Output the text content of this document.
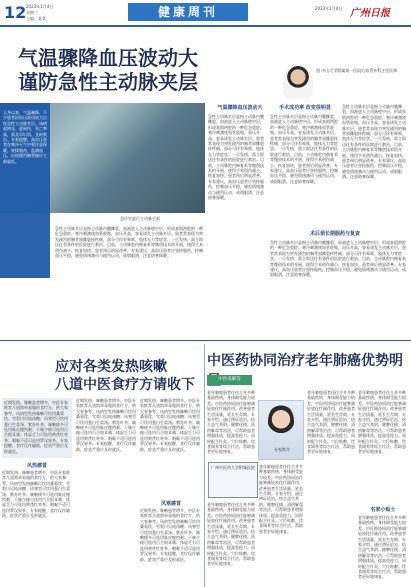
12 2023年1月4日
星期三
主编：某某	健康周刊	2023年1月4日 广州日报
气温骤降血压波动大
谨防急性主动脉夹层	图 中山大学附属第一医院心血管外科主任医师
入冬以来，气温骤降，不少患者因血压波动较大出现急性主动脉夹层。该病起病急、进展快、死亡率高，需及早识别、及时救治。专家提醒，高血压患者在寒冷天气中要注意保暖，规律服药，监测血压，出现剧烈胸背痛应立即就医。
急诊室进行主动脉手术
急性主动脉夹层是指主动脉内膜撕裂，血液进入主动脉壁中层，形成真假两腔的一种危急重症。寒冷刺激使血管收缩，血压升高，容易诱发主动脉夹层。患者常表现为突发剧烈的胸背部撕裂样疼痛，部分可伴有晕厥、肢体无力等症状。一旦发病，需立即送往有条件的医院进行救治。目前，主动脉腔内修复术等微创技术的开展，使得手术创伤减小、恢复加快，患者预后明显改善。专家建议，高血压患者应坚持服药，控制血压平稳，避免情绪激动与剧烈运动，戒烟限酒，注意防寒保暖。
气温骤降血压波动大
急性主动脉夹层是指主动脉内膜撕裂，血液进入主动脉壁中层，形成真假两腔的一种危急重症。寒冷刺激使血管收缩，血压升高，容易诱发主动脉夹层。患者常表现为突发剧烈的胸背部撕裂样疼痛，部分可伴有晕厥、肢体无力等症状。一旦发病，需立即送往有条件的医院进行救治。目前，主动脉腔内修复术等微创技术的开展，使得手术创伤减小、恢复加快，患者预后明显改善。专家建议，高血压患者应坚持服药，控制血压平稳，避免情绪激动与剧烈运动，戒烟限酒，注意防寒保暖。
手术成功率 改变很明显
急性主动脉夹层是指主动脉内膜撕裂，血液进入主动脉壁中层，形成真假两腔的一种危急重症。寒冷刺激使血管收缩，血压升高，容易诱发主动脉夹层。患者常表现为突发剧烈的胸背部撕裂样疼痛，部分可伴有晕厥、肢体无力等症状。一旦发病，需立即送往有条件的医院进行救治。目前，主动脉腔内修复术等微创技术的开展，使得手术创伤减小、恢复加快，患者预后明显改善。专家建议，高血压患者应坚持服药，控制血压平稳，避免情绪激动与剧烈运动，戒烟限酒，注意防寒保暖。
急性主动脉夹层是指主动脉内膜撕裂，血液进入主动脉壁中层，形成真假两腔的一种危急重症。寒冷刺激使血管收缩，血压升高，容易诱发主动脉夹层。患者常表现为突发剧烈的胸背部撕裂样疼痛，部分可伴有晕厥、肢体无力等症状。一旦发病，需立即送往有条件的医院进行救治。目前，主动脉腔内修复术等微创技术的开展，使得手术创伤减小、恢复加快，患者预后明显改善。专家建议，高血压患者应坚持服药，控制血压平稳，避免情绪激动与剧烈运动，戒烟限酒，注意防寒保暖。
术后须长期服药与复查
急性主动脉夹层是指主动脉内膜撕裂，血液进入主动脉壁中层，形成真假两腔的一种危急重症。寒冷刺激使血管收缩，血压升高，容易诱发主动脉夹层。患者常表现为突发剧烈的胸背部撕裂样疼痛，部分可伴有晕厥、肢体无力等症状。一旦发病，需立即送往有条件的医院进行救治。目前，主动脉腔内修复术等微创技术的开展，使得手术创伤减小、恢复加快，患者预后明显改善。专家建议，高血压患者应坚持服药，控制血压平稳，避免情绪激动与剧烈运动，戒烟限酒，注意防寒保暖。
应对各类发热咳嗽
八道中医食疗方请收下
近期发热、咳嗽患者增多，中医专家推荐几道简单易做的食疗方，供大家参考。风热型发热咳嗽可饮用桑菊饮、雪梨川贝炖冰糖；风寒型可饮用葱白生姜汤、紫苏叶茶；咳嗽痰多可选用陈皮瘦肉粥；干咳少痰可选用百合银耳羹；体虚乏力可选用黄芪红枣茶；咽喉不适可选用罗汉果茶。专家提醒，食疗仅作辅助，症状严重应及时就医。
风热感冒
近期发热、咳嗽患者增多，中医专家推荐几道简单易做的食疗方，供大家参考。风热型发热咳嗽可饮用桑菊饮、雪梨川贝炖冰糖；风寒型可饮用葱白生姜汤、紫苏叶茶；咳嗽痰多可选用陈皮瘦肉粥；干咳少痰可选用百合银耳羹；体虚乏力可选用黄芪红枣茶；咽喉不适可选用罗汉果茶。专家提醒，食疗仅作辅助，症状严重应及时就医。
近期发热、咳嗽患者增多，中医专家推荐几道简单易做的食疗方，供大家参考。风热型发热咳嗽可饮用桑菊饮、雪梨川贝炖冰糖；风寒型可饮用葱白生姜汤、紫苏叶茶；咳嗽痰多可选用陈皮瘦肉粥；干咳少痰可选用百合银耳羹；体虚乏力可选用黄芪红枣茶；咽喉不适可选用罗汉果茶。专家提醒，食疗仅作辅助，症状严重应及时就医。
风寒感冒
近期发热、咳嗽患者增多，中医专家推荐几道简单易做的食疗方，供大家参考。风热型发热咳嗽可饮用桑菊饮、雪梨川贝炖冰糖；风寒型可饮用葱白生姜汤、紫苏叶茶；咳嗽痰多可选用陈皮瘦肉粥；干咳少痰可选用百合银耳羹；体虚乏力可选用黄芪红枣茶；咽喉不适可选用罗汉果茶。专家提醒，食疗仅作辅助，症状严重应及时就医。
近期发热、咳嗽患者增多，中医专家推荐几道简单易做的食疗方，供大家参考。风热型发热咳嗽可饮用桑菊饮、雪梨川贝炖冰糖；风寒型可饮用葱白生姜汤、紫苏叶茶；咳嗽痰多可选用陈皮瘦肉粥；干咳少痰可选用百合银耳羹；体虚乏力可选用黄芪红枣茶；咽喉不适可选用罗汉果茶。专家提醒，食疗仅作辅助，症状严重应及时就医。
中医药协同治疗老年肺癌优势明
中医来解答
专家简介
老年肺癌患者往往合并多种基础疾病，身体耐受能力较差。中医药协同治疗能够减轻放化疗副作用，改善患者生活质量，延长生存期。专家介绍，通过辨证论治，结合益气养阴、健脾化痰、清热解毒等治法，可帮助患者增强体质，提高免疫力。同时配合针灸、穴位贴敷、饮食调养等综合疗法，帮助患者更好地康复。
广州中医药大学附属医院
老年肺癌患者往往合并多种基础疾病，身体耐受能力较差。中医药协同治疗能够减轻放化疗副作用，改善患者生活质量，延长生存期。专家介绍，通过辨证论治，结合益气养阴、健脾化痰、清热解毒等治法，可帮助患者增强体质，提高免疫力。同时配合针灸、穴位贴敷、饮食调养等综合疗法，帮助患者更好地康复。
老年肺癌患者往往合并多种基础疾病，身体耐受能力较差。中医药协同治疗能够减轻放化疗副作用，改善患者生活质量，延长生存期。专家介绍，通过辨证论治，结合益气养阴、健脾化痰、清热解毒等治法，可帮助患者增强体质，提高免疫力。同时配合针灸、穴位贴敷、饮食调养等综合疗法，帮助患者更好地康复。
老年肺癌患者往往合并多种基础疾病，身体耐受能力较差。中医药协同治疗能够减轻放化疗副作用，改善患者生活质量，延长生存期。专家介绍，通过辨证论治，结合益气养阴、健脾化痰、清热解毒等治法，可帮助患者增强体质，提高免疫力。同时配合针灸、穴位贴敷、饮食调养等综合疗法，帮助患者更好地康复。
名家小贴士
老年肺癌患者往往合并多种基础疾病，身体耐受能力较差。中医药协同治疗能够减轻放化疗副作用，改善患者生活质量，延长生存期。专家介绍，通过辨证论治，结合益气养阴、健脾化痰、清热解毒等治法，可帮助患者增强体质，提高免疫力。同时配合针灸、穴位贴敷、饮食调养等综合疗法，帮助患者更好地康复。
老年肺癌患者往往合并多种基础疾病，身体耐受能力较差。中医药协同治疗能够减轻放化疗副作用，改善患者生活质量，延长生存期。专家介绍，通过辨证论治，结合益气养阴、健脾化痰、清热解毒等治法，可帮助患者增强体质，提高免疫力。同时配合针灸、穴位贴敷、饮食调养等综合疗法，帮助患者更好地康复。
